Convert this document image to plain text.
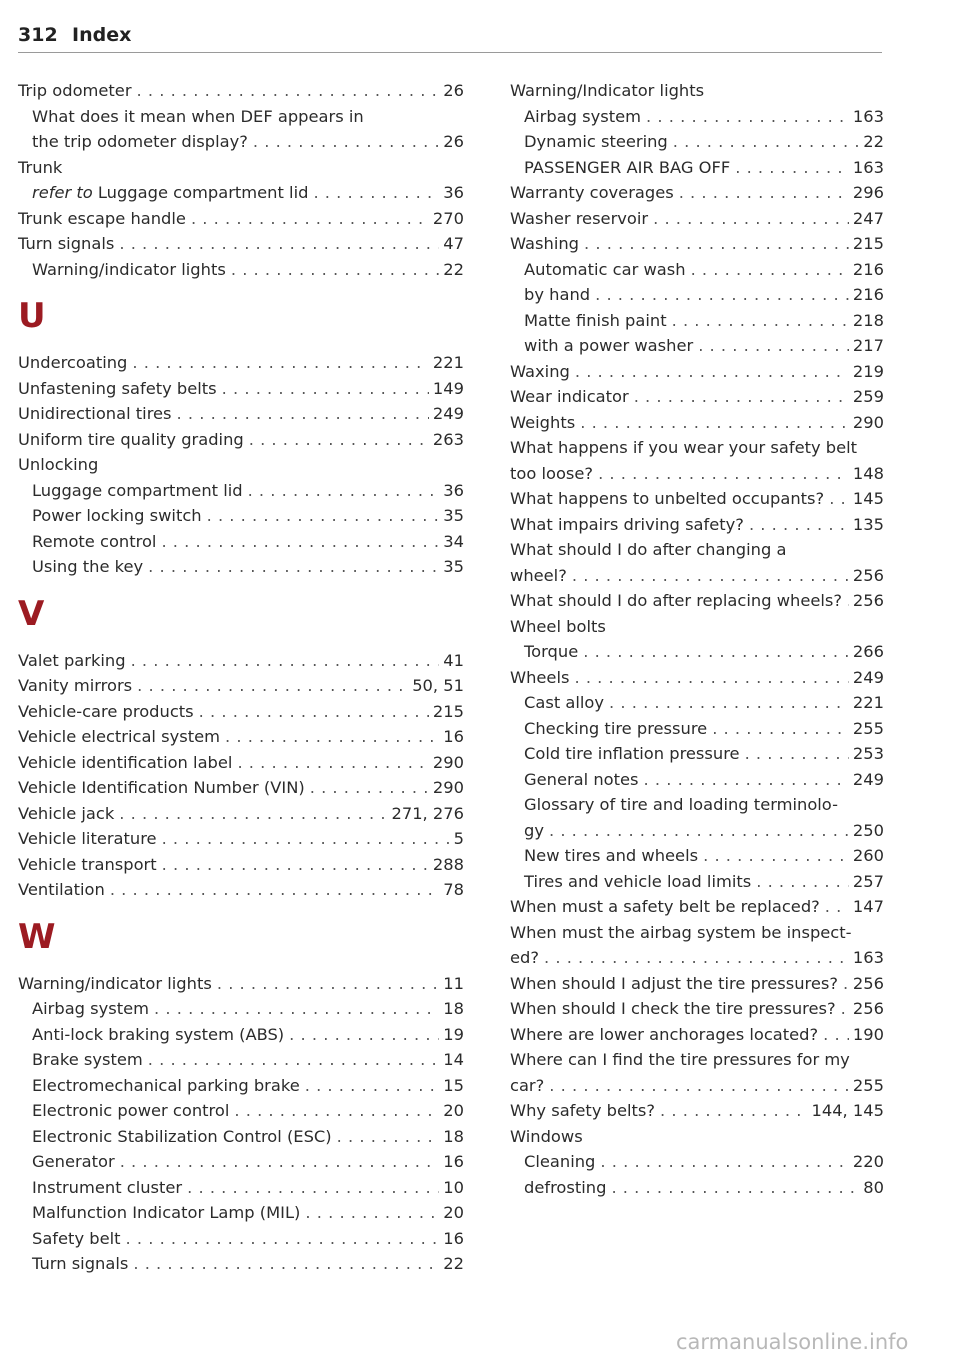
312 Index
Trip odometer . . .	26
What does it mean when DEF appears in
the trip odometer display? . . .	26
Trunk
refer to Luggage compartment lid . . .	36
Trunk escape handle . . .	270
Turn signals . . .	47
Warning/indicator lights . . .	22
U
Undercoating . . .	221
Unfastening safety belts . . .	149
Unidirectional tires . . .	249
Uniform tire quality grading . . .	263
Unlocking
Luggage compartment lid . . .	36
Power locking switch . . .	35
Remote control . . .	34
Using the key . . .	35
V
Valet parking . . .	41
Vanity mirrors . . .	50, 51
Vehicle-care products . . .	215
Vehicle electrical system . . .	16
Vehicle identification label . . .	290
Vehicle Identification Number (VIN) . . .	290
Vehicle jack . . .	271, 276
Vehicle literature . . .	5
Vehicle transport . . .	288
Ventilation . . .	78
W
Warning/indicator lights . . .	11
Airbag system . . .	18
Anti-lock braking system (ABS) . . .	19
Brake system . . .	14
Electromechanical parking brake . . .	15
Electronic power control . . .	20
Electronic Stabilization Control (ESC) . . .	18
Generator . . .	16
Instrument cluster . . .	10
Malfunction Indicator Lamp (MIL) . . .	20
Safety belt . . .	16
Turn signals . . .	22
Warning/Indicator lights
Airbag system . . .	163
Dynamic steering . . .	22
PASSENGER AIR BAG OFF . . .	163
Warranty coverages . . .	296
Washer reservoir . . .	247
Washing . . .	215
Automatic car wash . . .	216
by hand . . .	216
Matte finish paint . . .	218
with a power washer . . .	217
Waxing . . .	219
Wear indicator . . .	259
Weights . . .	290
What happens if you wear your safety belt
too loose? . . .	148
What happens to unbelted occupants? . . . 145
What impairs driving safety? . . .	135
What should I do after changing a
wheel? . . .	256
What should I do after replacing wheels? . . . 256
Wheel bolts
Torque . . .	266
Wheels . . .	249
Cast alloy . . .	221
Checking tire pressure . . .	255
Cold tire inflation pressure . . .	253
General notes . . .	249
Glossary of tire and loading terminolo-
gy . . .	250
New tires and wheels . . .	260
Tires and vehicle load limits . . .	257
When must a safety belt be replaced? . . . 147
When must the airbag system be inspect-
ed? . . .	163
When should I adjust the tire pressures? . . . 256
When should I check the tire pressures? . . . 256
Where are lower anchorages located? . . . 190
Where can I find the tire pressures for my
car? . . .	255
Why safety belts? . . .	144, 145
Windows
Cleaning . . .	220
defrosting . . .	80
carmanualsonline.info
